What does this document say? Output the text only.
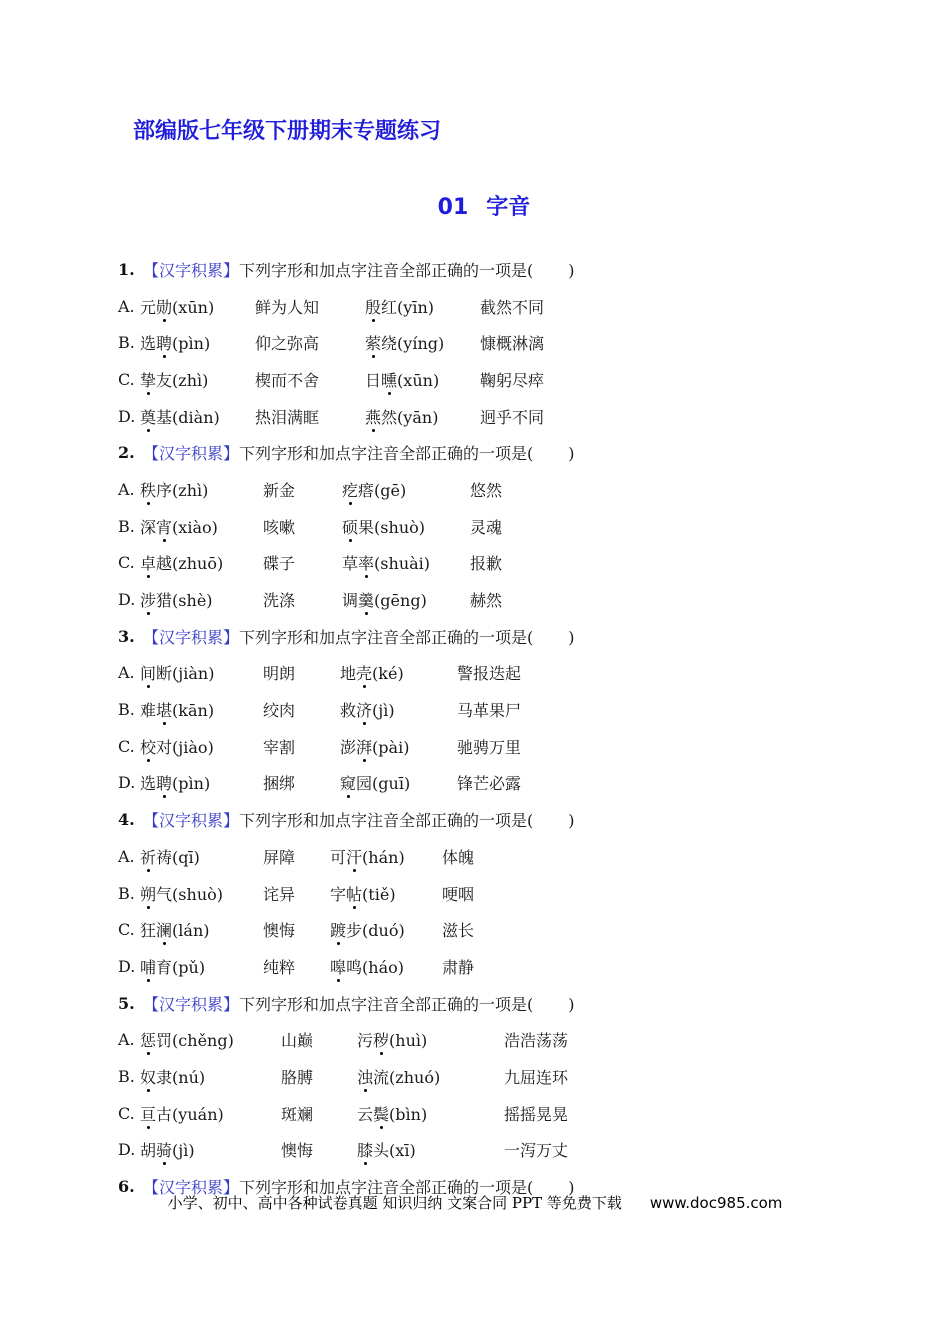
部编版七年级下册期末专题练习
01 字音
1. 【汉字积累】 下列字形和加点字注音全部正确的一项是 (　　)
A. 元勋(xūn)	鲜为人知	殷红(yīn)	截然不同
B. 选聘(pìn)	仰之弥高	萦绕(yíng)	慷概淋漓
C. 挚友(zhì)	楔而不舍	日曛(xūn)	鞠躬尽瘁
D. 奠基(diàn)	热泪满眶	燕然(yān)	迥乎不同
2. 【汉字积累】 下列字形和加点字注音全部正确的一项是 (　　)
A. 秩序(zhì)	新金	疙瘩(gē)	悠然
B. 深宵(xiào)	咳嗽	硕果(shuò)	灵魂
C. 卓越(zhuō)	碟子	草率(shuài)	报歉
D. 涉猎(shè)	洗涤	调羹(gēng)	赫然
3. 【汉字积累】 下列字形和加点字注音全部正确的一项是 (　　)
A. 间断(jiàn)	明朗	地壳(ké)	警报迭起
B. 难堪(kān)	绞肉	救济(jì)	马革果尸
C. 校对(jiào)	宰割	澎湃(pài)	驰骋万里
D. 选聘(pìn)	捆绑	窥园(guī)	锋芒必露
4. 【汉字积累】 下列字形和加点字注音全部正确的一项是 (　　)
A. 祈祷(qī)	屏障	可汗(hán)	体魄
B. 朔气(shuò)	诧异	字帖(tiě)	哽咽
C. 狂澜(lán)	懊悔	踱步(duó)	滋长
D. 哺育(pǔ)	纯粹	嗥鸣(háo)	肃静
5. 【汉字积累】 下列字形和加点字注音全部正确的一项是 (　　)
A. 惩罚(chěng)	山巅	污秽(huì)	浩浩荡荡
B. 奴隶(nú)	胳膊	浊流(zhuó)	九屈连环
C. 亘古(yuán)	斑斓	云鬓(bìn)	摇摇晃晃
D. 胡骑(jì)	懊悔	膝头(xī)	一泻万丈
6. 【汉字积累】 下列字形和加点字注音全部正确的一项是 (　　)
小学、初中、高中各种试卷真题 知识归纳 文案合同 PPT 等免费下载 www.doc985.com
